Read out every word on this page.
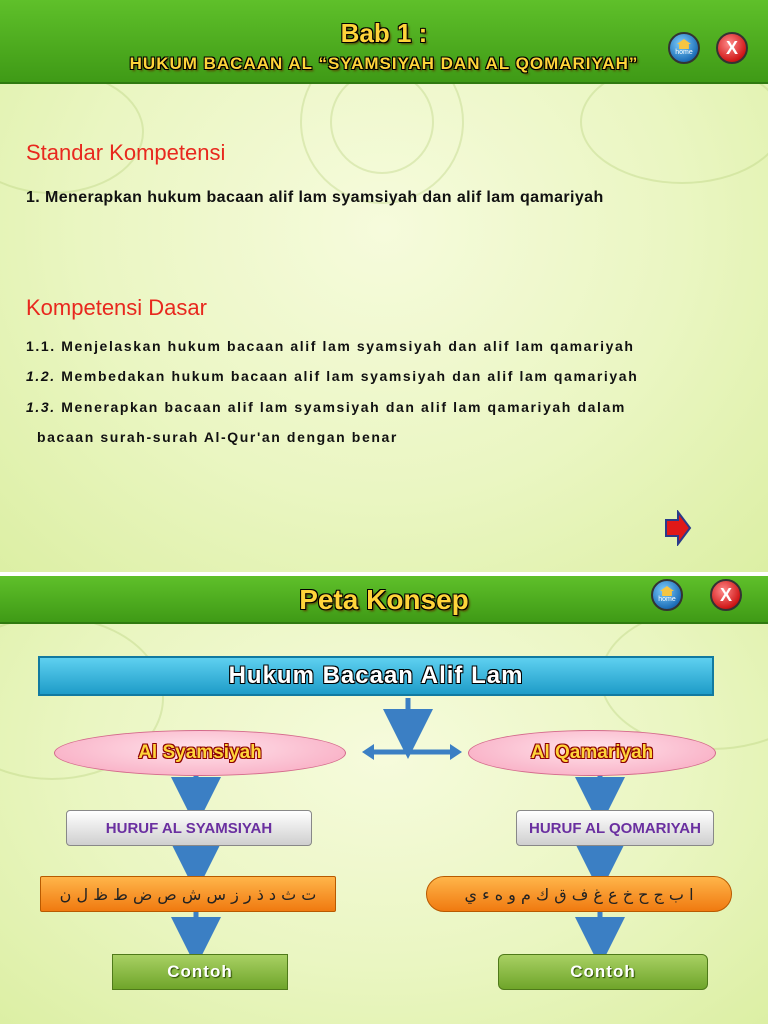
Bab 1 :
HUKUM BACAAN AL “SYAMSIYAH DAN AL QOMARIYAH”
home X
Standar Kompetensi
1. Menerapkan hukum bacaan alif lam syamsiyah dan alif lam qamariyah
Kompetensi Dasar
1.1. Menjelaskan hukum bacaan alif lam syamsiyah dan alif lam qamariyah
1.2. Membedakan hukum bacaan alif lam syamsiyah dan alif lam qamariyah
1.3. Menerapkan bacaan alif lam syamsiyah dan alif lam qamariyah dalam
bacaan surah-surah Al-Qur'an dengan benar
Peta Konsep	home X
Hukum Bacaan Alif Lam
Al Syamsiyah	Al Qamariyah
HURUF AL SYAMSIYAH	HURUF AL QOMARIYAH
ت ث د ذ ر ز س ش ص ض ط ظ ل ن	ا ب ج ح خ ع غ ف ق ك م و ه ء ي
Contoh	Contoh
